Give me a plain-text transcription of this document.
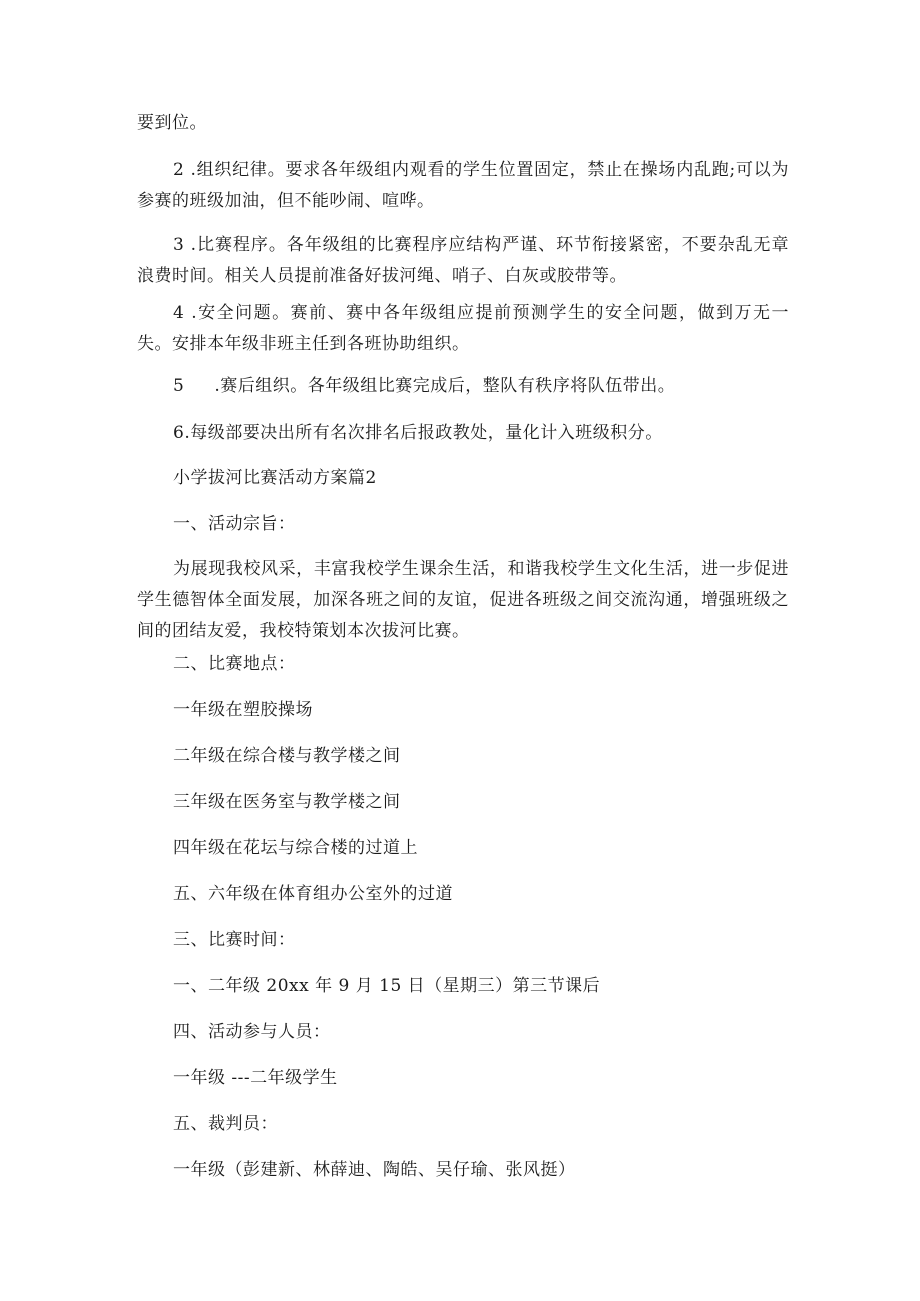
要到位。

2 .组织纪律。要求各年级组内观看的学生位置固定，禁止在操场内乱跑;可以为参赛的班级加油，但不能吵闹、喧哗。

3 .比赛程序。各年级组的比赛程序应结构严谨、环节衔接紧密，不要杂乱无章浪费时间。相关人员提前准备好拔河绳、哨子、白灰或胶带等。

4 .安全问题。赛前、赛中各年级组应提前预测学生的安全问题，做到万无一失。安排本年级非班主任到各班协助组织。

5 .赛后组织。各年级组比赛完成后，整队有秩序将队伍带出。

6.每级部要决出所有名次排名后报政教处，量化计入班级积分。

小学拔河比赛活动方案篇2

一、活动宗旨：

为展现我校风采，丰富我校学生课余生活，和谐我校学生文化生活，进一步促进学生德智体全面发展，加深各班之间的友谊，促进各班级之间交流沟通，增强班级之间的团结友爱，我校特策划本次拔河比赛。

二、比赛地点：

一年级在塑胶操场

二年级在综合楼与教学楼之间

三年级在医务室与教学楼之间

四年级在花坛与综合楼的过道上

五、六年级在体育组办公室外的过道

三、比赛时间：

一、二年级 20xx 年 9 月 15 日（星期三）第三节课后

四、活动参与人员：

一年级 ---二年级学生

五、裁判员：

一年级（彭建新、林薛迪、陶皓、吴仔瑜、张风挺）
